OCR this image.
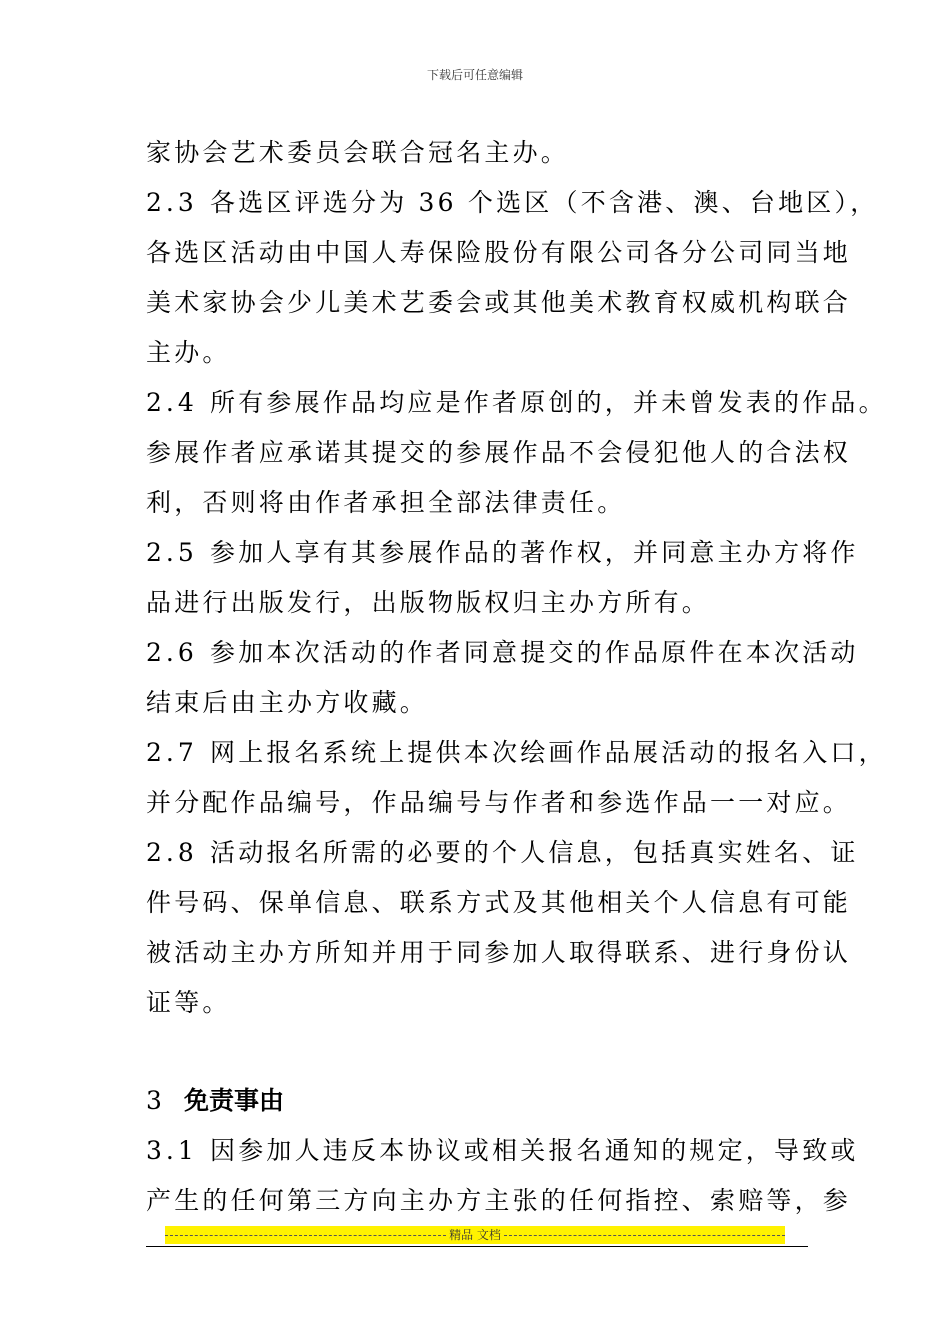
下载后可任意编辑
家协会艺术委员会联合冠名主办。
2.3 各选区评选分为 36 个选区（不含港、澳、台地区），
各选区活动由中国人寿保险股份有限公司各分公司同当地
美术家协会少儿美术艺委会或其他美术教育权威机构联合
主办。
2.4 所有参展作品均应是作者原创的，并未曾发表的作品。
参展作者应承诺其提交的参展作品不会侵犯他人的合法权
利，否则将由作者承担全部法律责任。
2.5 参加人享有其参展作品的著作权，并同意主办方将作
品进行出版发行，出版物版权归主办方所有。
2.6 参加本次活动的作者同意提交的作品原件在本次活动
结束后由主办方收藏。
2.7 网上报名系统上提供本次绘画作品展活动的报名入口，
并分配作品编号，作品编号与作者和参选作品一一对应。
2.8 活动报名所需的必要的个人信息，包括真实姓名、证
件号码、保单信息、联系方式及其他相关个人信息有可能
被活动主办方所知并用于同参加人取得联系、进行身份认
证等。
3 免责事由
3.1 因参加人违反本协议或相关报名通知的规定，导致或
产生的任何第三方向主办方主张的任何指控、索赔等，参
精品 文档
